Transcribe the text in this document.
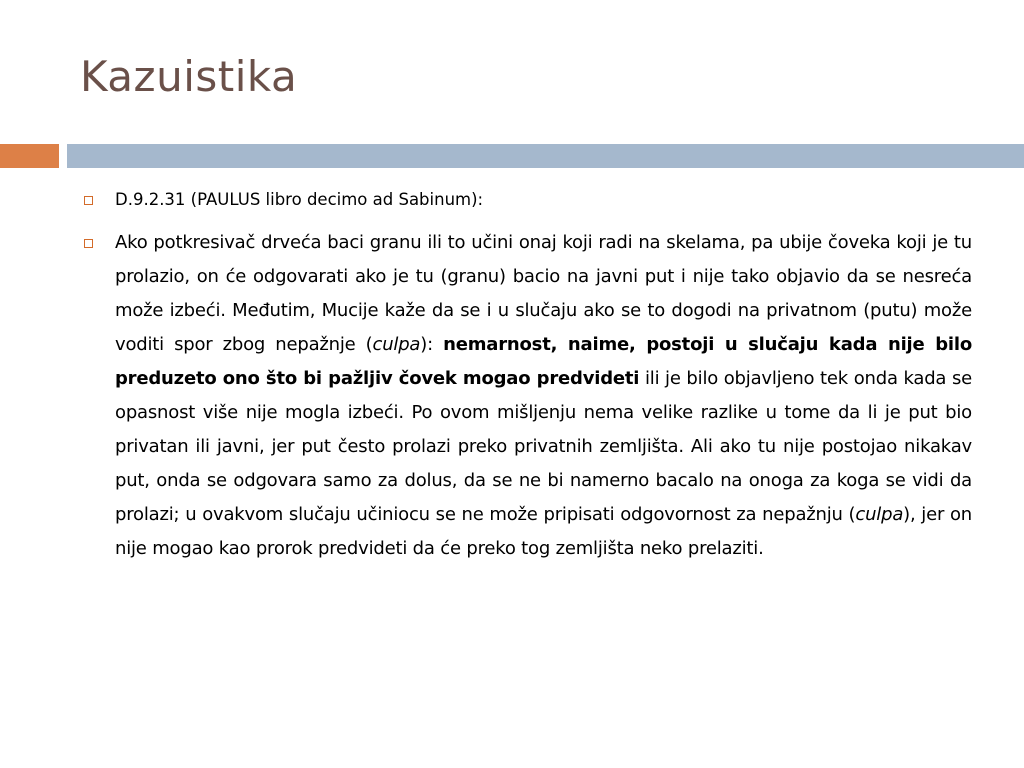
Kazuistika
D.9.2.31 (PAULUS libro decimo ad Sabinum):
Ako potkresivač drveća baci granu ili to učini onaj koji radi na skelama, pa ubije čoveka koji je tu prolazio, on će odgovarati ako je tu (granu) bacio na javni put i nije tako objavio da se nesreća može izbeći. Međutim, Mucije kaže da se i u slučaju ako se to dogodi na privatnom (putu) može voditi spor zbog nepažnje (culpa): nemarnost, naime, postoji u slučaju kada nije bilo preduzeto ono što bi pažljiv čovek mogao predvideti ili je bilo objavljeno tek onda kada se opasnost više nije mogla izbeći. Po ovom mišljenju nema velike razlike u tome da li je put bio privatan ili javni, jer put često prolazi preko privatnih zemljišta. Ali ako tu nije postojao nikakav put, onda se odgovara samo za dolus, da se ne bi namerno bacalo na onoga za koga se vidi da prolazi; u ovakvom slučaju učiniocu se ne može pripisati odgovornost za nepažnju (culpa), jer on nije mogao kao prorok predvideti da će preko tog zemljišta neko prelaziti.
